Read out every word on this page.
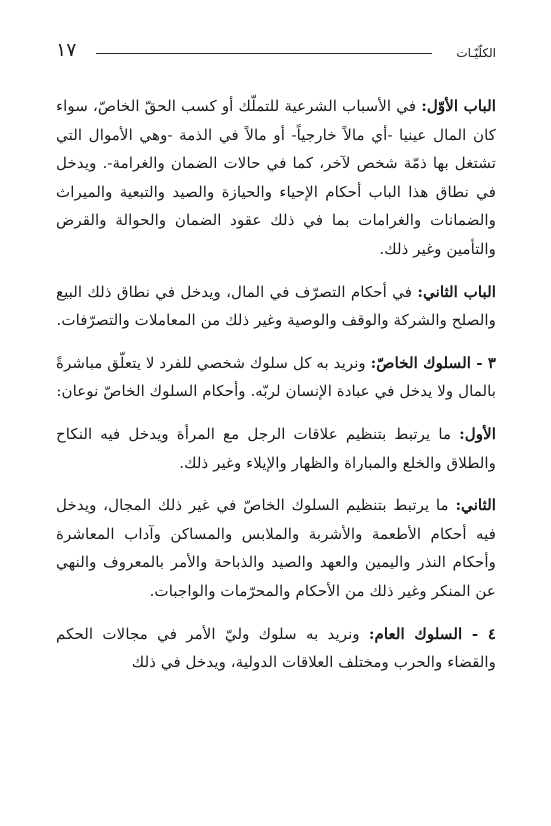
الكلّيّـات
١٧

الباب الأوّل: في الأسباب الشرعية للتملّك أو كسب الحقّ الخاصّ، سواء كان المال عينيا -أي مالاً خارجياً- أو مالاً في الذمة -وهي الأموال التي تشتغل بها ذمّة شخص لآخر، كما في حالات الضمان والغرامة-. ويدخل في نطاق هذا الباب أحكام الإحياء والحيازة والصيد والتبعية والميراث والضمانات والغرامات بما في ذلك عقود الضمان والحوالة والقرض والتأمين وغير ذلك.

الباب الثاني: في أحكام التصرّف في المال، ويدخل في نطاق ذلك البيع والصلح والشركة والوقف والوصية وغير ذلك من المعاملات والتصرّفات.

٣ - السلوك الخاصّ: ونريد به كل سلوك شخصي للفرد لا يتعلّق مباشرةً بالمال ولا يدخل في عبادة الإنسان لربّه. وأحكام السلوك الخاصّ نوعان:

الأول: ما يرتبط بتنظيم علاقات الرجل مع المرأة ويدخل فيه النكاح والطلاق والخلع والمباراة والظهار والإيلاء وغير ذلك.

الثاني: ما يرتبط بتنظيم السلوك الخاصّ في غير ذلك المجال، ويدخل فيه أحكام الأطعمة والأشربة والملابس والمساكن وآداب المعاشرة وأحكام النذر واليمين والعهد والصيد والذباحة والأمر بالمعروف والنهي عن المنكر وغير ذلك من الأحكام والمحرّمات والواجبات.

٤ - السلوك العام: ونريد به سلوك وليّ الأمر في مجالات الحكم والقضاء والحرب ومختلف العلاقات الدولية، ويدخل في ذلك
